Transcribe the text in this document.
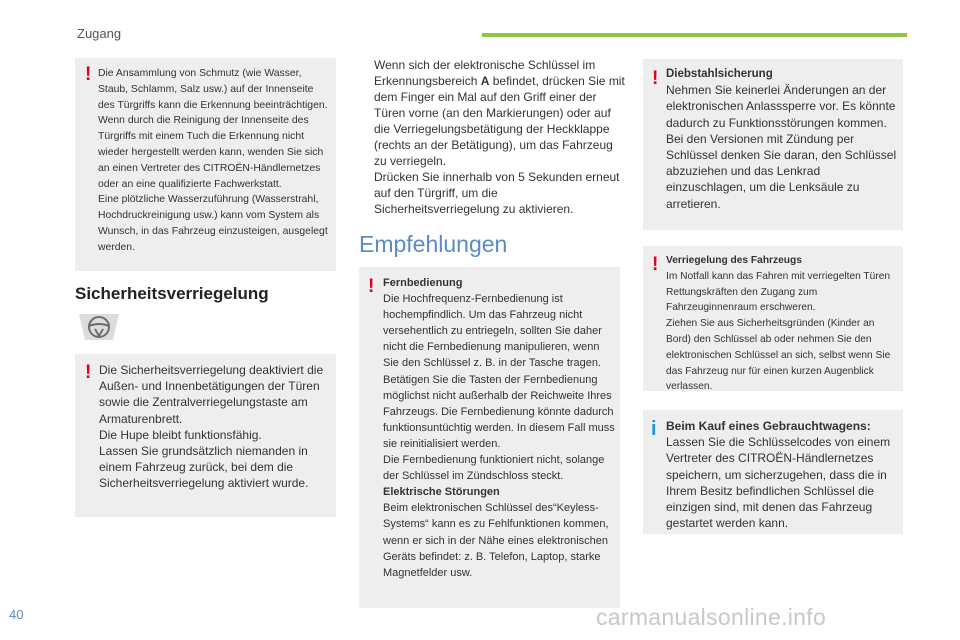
Zugang
! Die Ansammlung von Schmutz (wie Wasser, Staub, Schlamm, Salz usw.) auf der Innenseite des Türgriffs kann die Erkennung beeinträchtigen.
Wenn durch die Reinigung der Innenseite des Türgriffs mit einem Tuch die Erkennung nicht wieder hergestellt werden kann, wenden Sie sich an einen Vertreter des CITROËN-Händlernetzes oder an eine qualifizierte Fachwerkstatt.
Eine plötzliche Wasserzuführung (Wasserstrahl, Hochdruckreinigung usw.) kann vom System als Wunsch, in das Fahrzeug einzusteigen, ausgelegt werden.

Sicherheitsverriegelung
! Die Sicherheitsverriegelung deaktiviert die Außen- und Innenbetätigungen der Türen sowie die Zentralverriegelungstaste am Armaturenbrett.
Die Hupe bleibt funktionsfähig.
Lassen Sie grundsätzlich niemanden in einem Fahrzeug zurück, bei dem die Sicherheitsverriegelung aktiviert wurde.

Wenn sich der elektronische Schlüssel im Erkennungsbereich A befindet, drücken Sie mit dem Finger ein Mal auf den Griff einer der Türen vorne (an den Markierungen) oder auf die Verriegelungsbetätigung der Heckklappe (rechts an der Betätigung), um das Fahrzeug zu verriegeln.
Drücken Sie innerhalb von 5 Sekunden erneut auf den Türgriff, um die Sicherheitsverriegelung zu aktivieren.
Empfehlungen
! Fernbedienung
Die Hochfrequenz-Fernbedienung ist hochempfindlich. Um das Fahrzeug nicht versehentlich zu entriegeln, sollten Sie daher nicht die Fernbedienung manipulieren, wenn Sie den Schlüssel z. B. in der Tasche tragen. Betätigen Sie die Tasten der Fernbedienung möglichst nicht außerhalb der Reichweite Ihres Fahrzeugs. Die Fernbedienung könnte dadurch funktionsuntüchtig werden. In diesem Fall muss sie reinitialisiert werden.
Die Fernbedienung funktioniert nicht, solange der Schlüssel im Zündschloss steckt.
Elektrische Störungen
Beim elektronischen Schlüssel des“Keyless-Systems“ kann es zu Fehlfunktionen kommen, wenn er sich in der Nähe eines elektronischen Geräts befindet: z. B. Telefon, Laptop, starke Magnetfelder usw.
! Diebstahlsicherung
Nehmen Sie keinerlei Änderungen an der elektronischen Anlasssperre vor. Es könnte dadurch zu Funktionsstörungen kommen.
Bei den Versionen mit Zündung per Schlüssel denken Sie daran, den Schlüssel abzuziehen und das Lenkrad einzuschlagen, um die Lenksäule zu arretieren.
! Verriegelung des Fahrzeugs
Im Notfall kann das Fahren mit verriegelten Türen Rettungskräften den Zugang zum Fahrzeuginnenraum erschweren.
Ziehen Sie aus Sicherheitsgründen (Kinder an Bord) den Schlüssel ab oder nehmen Sie den elektronischen Schlüssel an sich, selbst wenn Sie das Fahrzeug nur für einen kurzen Augenblick verlassen.
i Beim Kauf eines Gebrauchtwagens:
Lassen Sie die Schlüsselcodes von einem Vertreter des CITROËN-Händlernetzes speichern, um sicherzugehen, dass die in Ihrem Besitz befindlichen Schlüssel die einzigen sind, mit denen das Fahrzeug gestartet werden kann.
40	carmanualsonline.info
